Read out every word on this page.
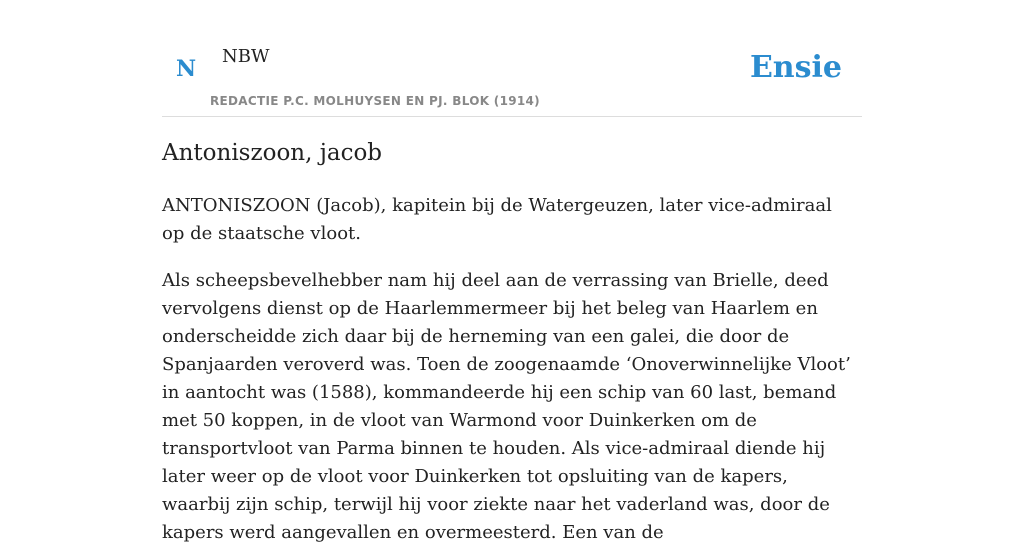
N NBW
REDACTIE P.C. MOLHUYSEN EN PJ. BLOK (1914)
Ensie
Antoniszoon, jacob

ANTONISZOON (Jacob), kapitein bij de Watergeuzen, later vice-admiraal op de staatsche vloot.

Als scheepsbevelhebber nam hij deel aan de verrassing van Brielle, deed vervolgens dienst op de Haarlemmermeer bij het beleg van Haarlem en onderscheidde zich daar bij de herneming van een galei, die door de Spanjaarden veroverd was. Toen de zoogenaamde ‘Onoverwinnelijke Vloot’ in aantocht was (1588), kommandeerde hij een schip van 60 last, bemand met 50 koppen, in de vloot van Warmond voor Duinkerken om de transportvloot van Parma binnen te houden. Als vice-admiraal diende hij later weer op de vloot voor Duinkerken tot opsluiting van de kapers, waarbij zijn schip, terwijl hij voor ziekte naar het vaderland was, door de kapers werd aangevallen en overmeesterd. Een van de
